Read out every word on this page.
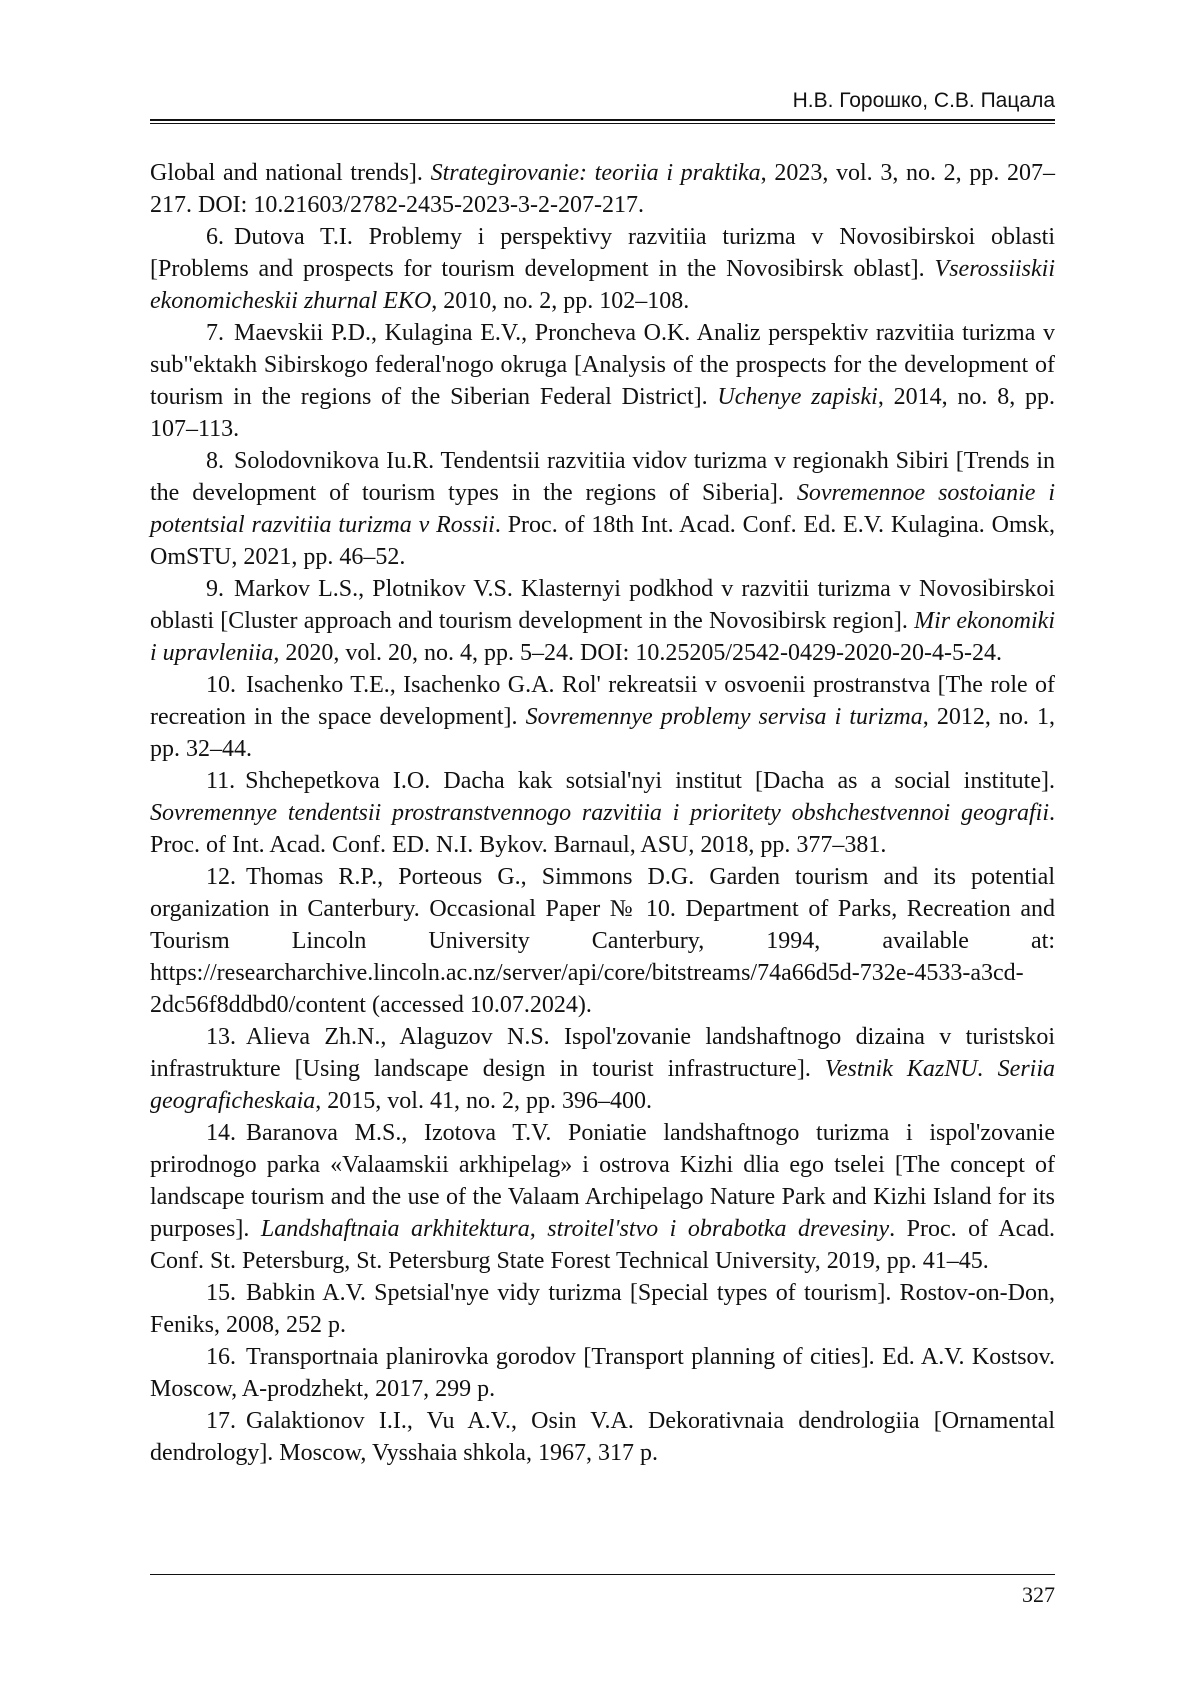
Н.В. Горошко, С.В. Пацала

Global and national trends]. Strategirovanie: teoriia i praktika, 2023, vol. 3, no. 2, pp. 207–217. DOI: 10.21603/2782-2435-2023-3-2-207-217.

6. Dutova T.I. Problemy i perspektivy razvitiia turizma v Novosibirskoi oblasti [Problems and prospects for tourism development in the Novosibirsk oblast]. Vserossiiskii ekonomicheskii zhurnal EKO, 2010, no. 2, pp. 102–108.

7. Maevskii P.D., Kulagina E.V., Proncheva O.K. Analiz perspektiv razvitiia turizma v sub"ektakh Sibirskogo federal'nogo okruga [Analysis of the prospects for the development of tourism in the regions of the Siberian Federal District]. Uchenye zapiski, 2014, no. 8, pp. 107–113.

8. Solodovnikova Iu.R. Tendentsii razvitiia vidov turizma v regionakh Sibiri [Trends in the development of tourism types in the regions of Siberia]. Sovremennoe sostoianie i potentsial razvitiia turizma v Rossii. Proc. of 18th Int. Acad. Conf. Ed. E.V. Kulagina. Omsk, OmSTU, 2021, pp. 46–52.

9. Markov L.S., Plotnikov V.S. Klasternyi podkhod v razvitii turizma v Novosibirskoi oblasti [Cluster approach and tourism development in the Novosibirsk region]. Mir ekonomiki i upravleniia, 2020, vol. 20, no. 4, pp. 5–24. DOI: 10.25205/2542-0429-2020-20-4-5-24.

10. Isachenko T.E., Isachenko G.A. Rol' rekreatsii v osvoenii prostranstva [The role of recreation in the space development]. Sovremennye problemy servisa i turizma, 2012, no. 1, pp. 32–44.

11. Shchepetkova I.O. Dacha kak sotsial'nyi institut [Dacha as a social institute]. Sovremennye tendentsii prostranstvennogo razvitiia i prioritety obshchestvennoi geografii. Proc. of Int. Acad. Conf. ED. N.I. Bykov. Barnaul, ASU, 2018, pp. 377–381.

12. Thomas R.P., Porteous G., Simmons D.G. Garden tourism and its potential organization in Canterbury. Occasional Paper № 10. Department of Parks, Recreation and Tourism Lincoln University Canterbury, 1994, available at: https://researcharchive.lincoln.ac.nz/server/api/core/bitstreams/74a66d5d-732e-4533-a3cd-2dc56f8ddbd0/content (accessed 10.07.2024).

13. Alieva Zh.N., Alaguzov N.S. Ispol'zovanie landshaftnogo dizaina v turistskoi infrastrukture [Using landscape design in tourist infrastructure]. Vestnik KazNU. Seriia geograficheskaia, 2015, vol. 41, no. 2, pp. 396–400.

14. Baranova M.S., Izotova T.V. Poniatie landshaftnogo turizma i ispol'zovanie prirodnogo parka «Valaamskii arkhipelag» i ostrova Kizhi dlia ego tselei [The concept of landscape tourism and the use of the Valaam Archipelago Nature Park and Kizhi Island for its purposes]. Landshaftnaia arkhitektura, stroitel'stvo i obrabotka drevesiny. Proc. of Acad. Conf. St. Petersburg, St. Petersburg State Forest Technical University, 2019, pp. 41–45.

15. Babkin A.V. Spetsial'nye vidy turizma [Special types of tourism]. Rostov-on-Don, Feniks, 2008, 252 p.

16. Transportnaia planirovka gorodov [Transport planning of cities]. Ed. A.V. Kostsov. Moscow, A-prodzhekt, 2017, 299 p.

17. Galaktionov I.I., Vu A.V., Osin V.A. Dekorativnaia dendrologiia [Ornamental dendrology]. Moscow, Vysshaia shkola, 1967, 317 p.

327
